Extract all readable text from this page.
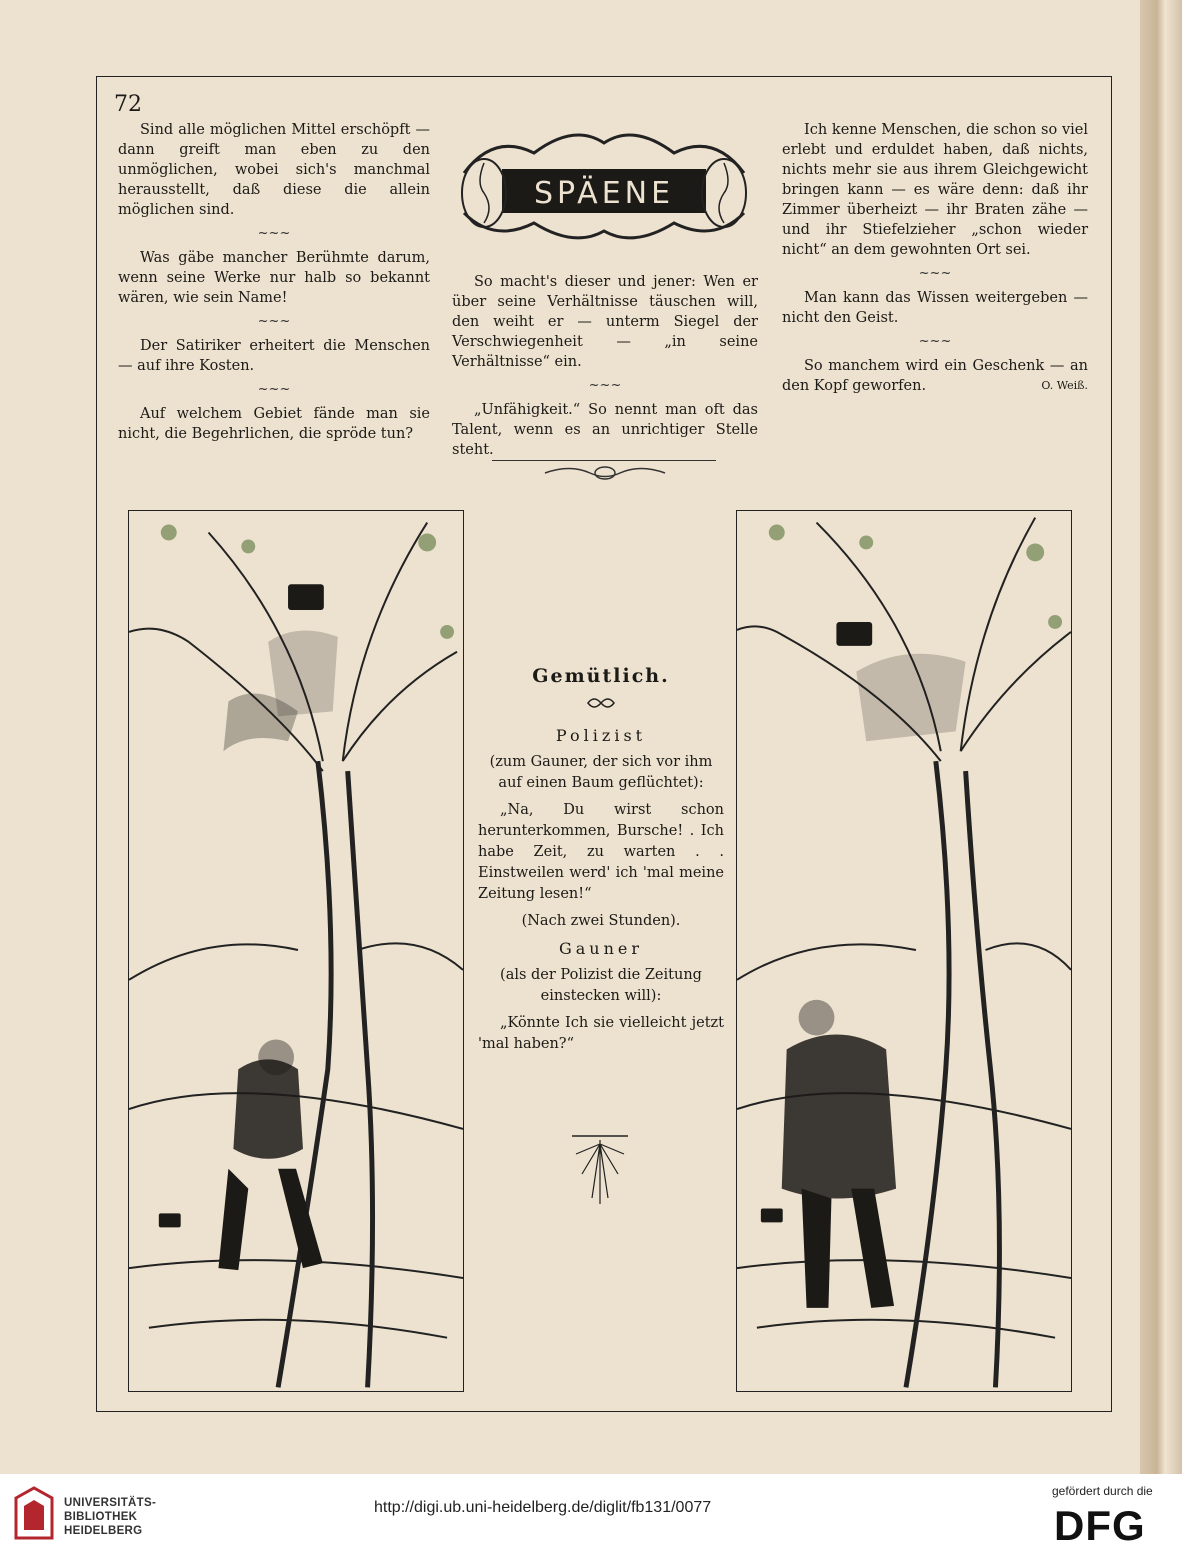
72
SPÄENE

Sind alle möglichen Mittel erschöpft — dann greift man eben zu den unmöglichen, wobei sich's manchmal herausstellt, daß diese die allein möglichen sind.

~~~

Was gäbe mancher Berühmte darum, wenn seine Werke nur halb so bekannt wären, wie sein Name!

~~~

Der Satiriker erheitert die Menschen — auf ihre Kosten.

~~~

Auf welchem Gebiet fände man sie nicht, die Begehrlichen, die spröde tun?

So macht's dieser und jener: Wen er über seine Verhältnisse täuschen will, den weiht er — unterm Siegel der Verschwiegenheit — „in seine Verhältnisse“ ein.

~~~

„Unfähigkeit.“ So nennt man oft das Talent, wenn es an unrichtiger Stelle steht.

Ich kenne Menschen, die schon so viel erlebt und erduldet haben, daß nichts, nichts mehr sie aus ihrem Gleichgewicht bringen kann — es wäre denn: daß ihr Zimmer überheizt — ihr Braten zähe — und ihr Stiefelzieher „schon wieder nicht“ an dem gewohnten Ort sei.

~~~

Man kann das Wissen weitergeben — nicht den Geist.

~~~

So manchem wird ein Geschenk — an den Kopf geworfen.	O. Weiß.

Gemütlich.
Polizist
(zum Gauner, der sich vor ihm auf einen Baum geflüchtet):
„Na, Du wirst schon herunterkommen, Bursche! . Ich habe Zeit, zu warten . . Einstweilen werd' ich 'mal meine Zeitung lesen!“
(Nach zwei Stunden).
Gauner
(als der Polizist die Zeitung einstecken will):
„Könnte Ich sie vielleicht jetzt 'mal haben?“
UNIVERSITÄTS-
BIBLIOTHEK
HEIDELBERG
http://digi.ub.uni-heidelberg.de/diglit/fb131/0077
gefördert durch die
DFG
